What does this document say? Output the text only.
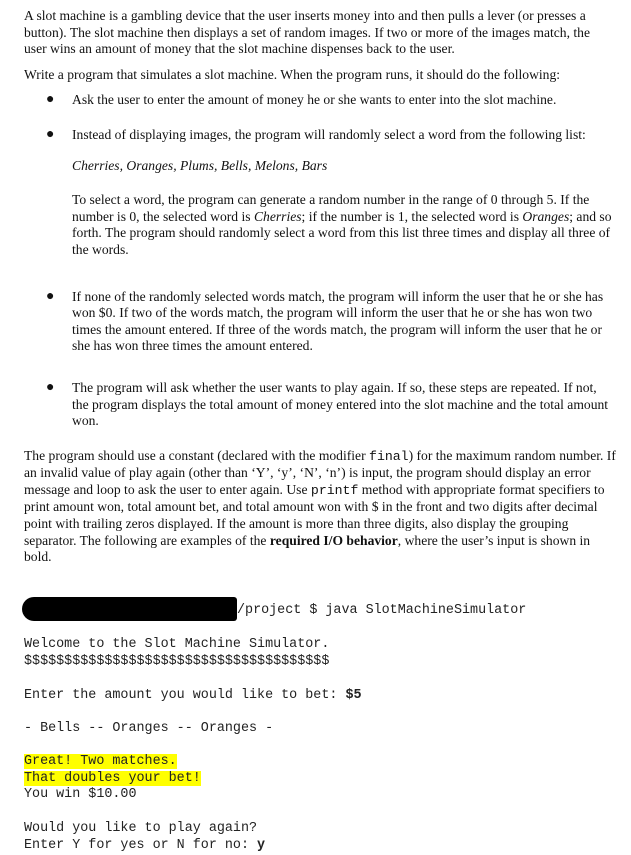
A slot machine is a gambling device that the user inserts money into and then pulls a lever (or presses a button). The slot machine then displays a set of random images. If two or more of the images match, the user wins an amount of money that the slot machine dispenses back to the user.

Write a program that simulates a slot machine. When the program runs, it should do the following:

● Ask the user to enter the amount of money he or she wants to enter into the slot machine.
● Instead of displaying images, the program will randomly select a word from the following list:

Cherries, Oranges, Plums, Bells, Melons, Bars

To select a word, the program can generate a random number in the range of 0 through 5. If the number is 0, the selected word is Cherries; if the number is 1, the selected word is Oranges; and so forth. The program should randomly select a word from this list three times and display all three of the words.

● If none of the randomly selected words match, the program will inform the user that he or she has won $0. If two of the words match, the program will inform the user that he or she has won two times the amount entered. If three of the words match, the program will inform the user that he or she has won three times the amount entered.
● The program will ask whether the user wants to play again. If so, these steps are repeated. If not, the program displays the total amount of money entered into the slot machine and the total amount won.

The program should use a constant (declared with the modifier final) for the maximum random number. If an invalid value of play again (other than ‘Y’, ‘y’, ‘N’, ‘n’) is input, the program should display an error message and loop to ask the user to enter again. Use printf method with appropriate format specifiers to print amount won, total amount bet, and total amount won with $ in the front and two digits after decimal point with trailing zeros displayed. If the amount is more than three digits, also display the grouping separator. The following are examples of the required I/O behavior, where the user’s input is shown in bold.

/project $ java SlotMachineSimulator
Welcome to the Slot Machine Simulator.
$$$$$$$$$$$$$$$$$$$$$$$$$$$$$$$$$$$$$$
Enter the amount you would like to bet: $5
- Bells -- Oranges -- Oranges -
Great! Two matches.
That doubles your bet!
You win $10.00
Would you like to play again?
Enter Y for yes or N for no: y
